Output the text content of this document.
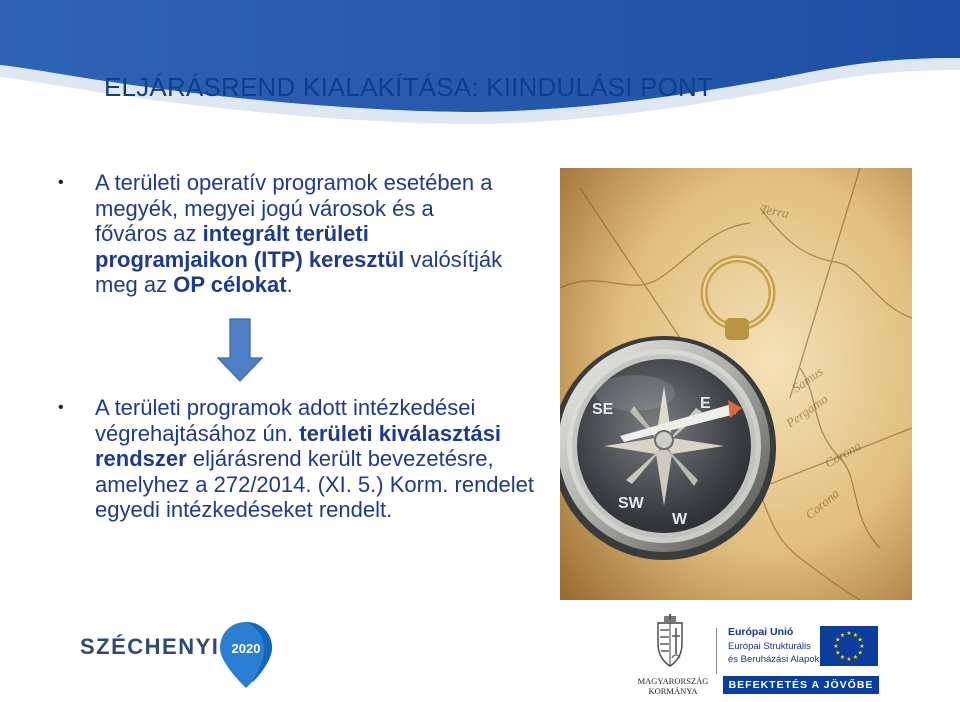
ELJÁRÁSREND KIALAKÍTÁSA: KIINDULÁSI PONT
• A területi operatív programok esetében a megyék, megyei jogú városok és a főváros az integrált területi programjaikon (ITP) keresztül valósítják meg az OP célokat.
• A területi programok adott intézkedései végrehajtásához ún. területi kiválasztási rendszer eljárásrend került bevezetésre, amelyhez a 272/2014. (XI. 5.) Korm. rendelet egyedi intézkedéseket rendelt.
Samus
Pergamo
Corona
Corona
Terra
SE
SW
E
W
SZÉCHENYI 2020
MAGYARORSZÁG
KORMÁNYA
Európai Unió
Európai Strukturális
és Beruházási Alapok
★ ★
★
★
★
★
★
★
★
★
★
★
BEFEKTETÉS A JÖVŐBE
